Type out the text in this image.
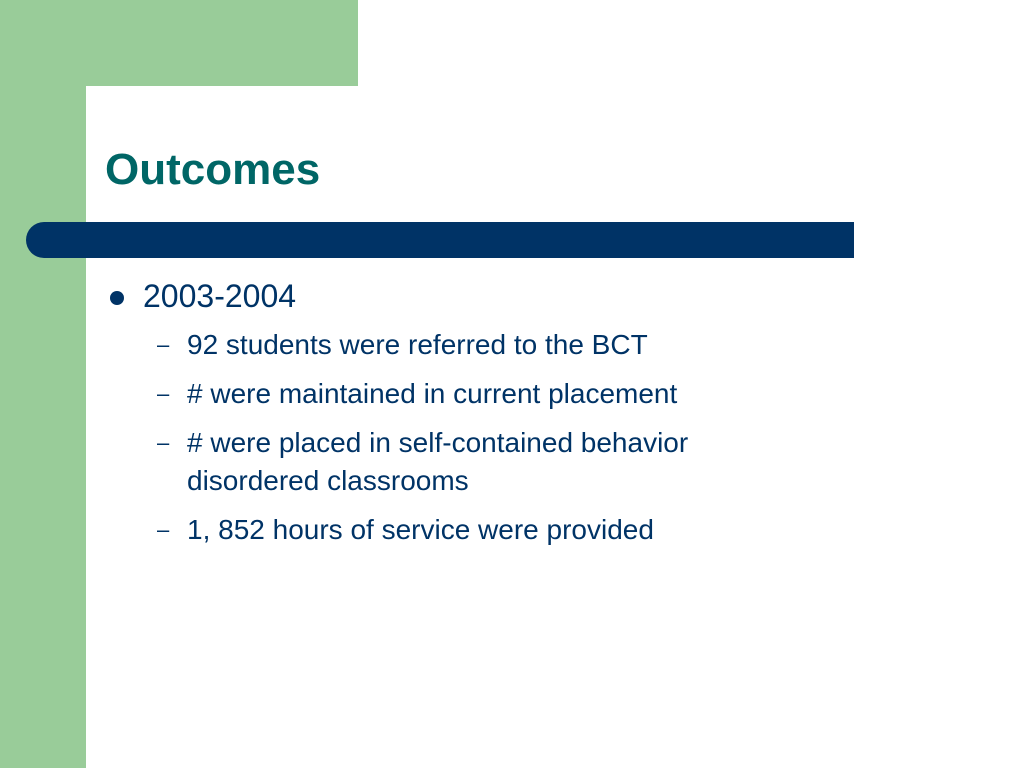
Outcomes
2003-2004
– 92 students were referred to the BCT
– # were maintained in current placement
– # were placed in self-contained behavior disordered classrooms
– 1, 852 hours of service were provided
